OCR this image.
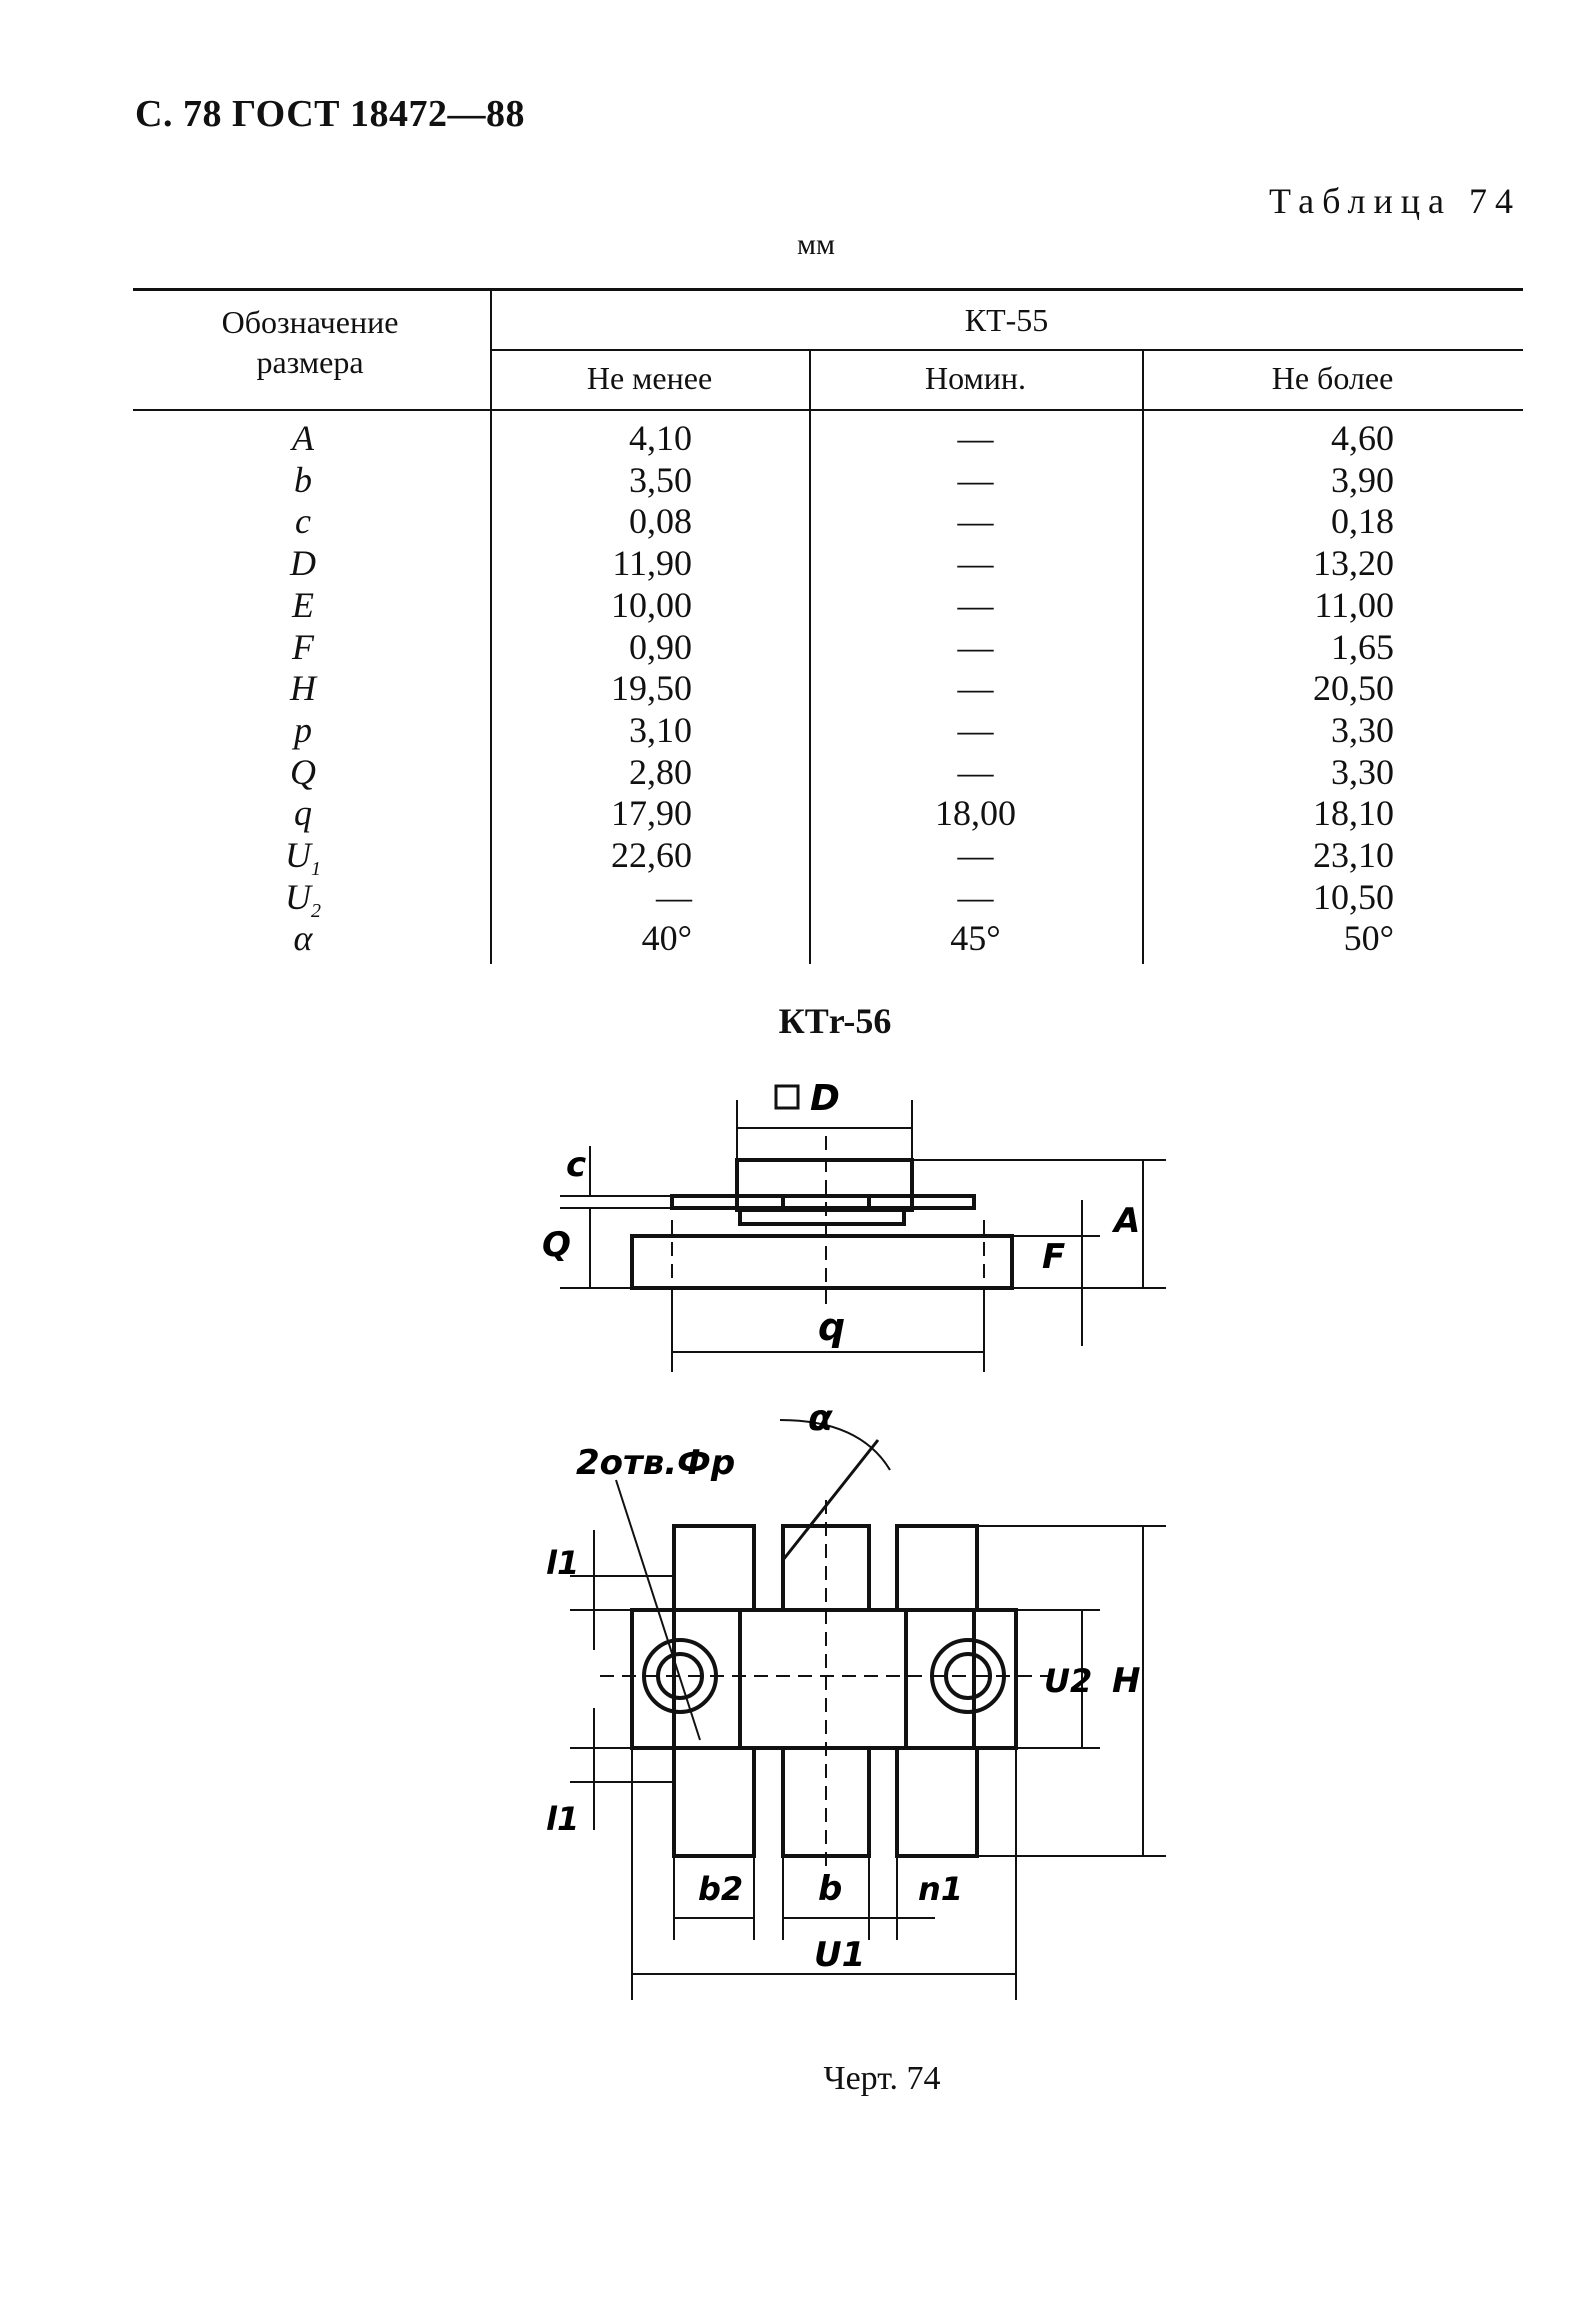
С. 78 ГОСТ 18472—88
Таблица 74
мм
Обозначение
размера
КТ-55
Не менее	Номин.	Не более
A	4,10	—	4,60
b	3,50	—	3,90
c	0,08	—	0,18
D	11,90	—	13,20
E	10,00	—	11,00
F	0,90	—	1,65
H	19,50	—	20,50
p	3,10	—	3,30
Q	2,80	—	3,30
q	17,90	18,00	18,10
$U_1$	22,60	—	23,10
$U_2$	—	—	10,50
α	40°	45°	50°
КТr-56
D
c
Q
A
F
q
2отв.Фр
α
l1
l1
U2 H
b2 b n1
U1
Черт. 74
